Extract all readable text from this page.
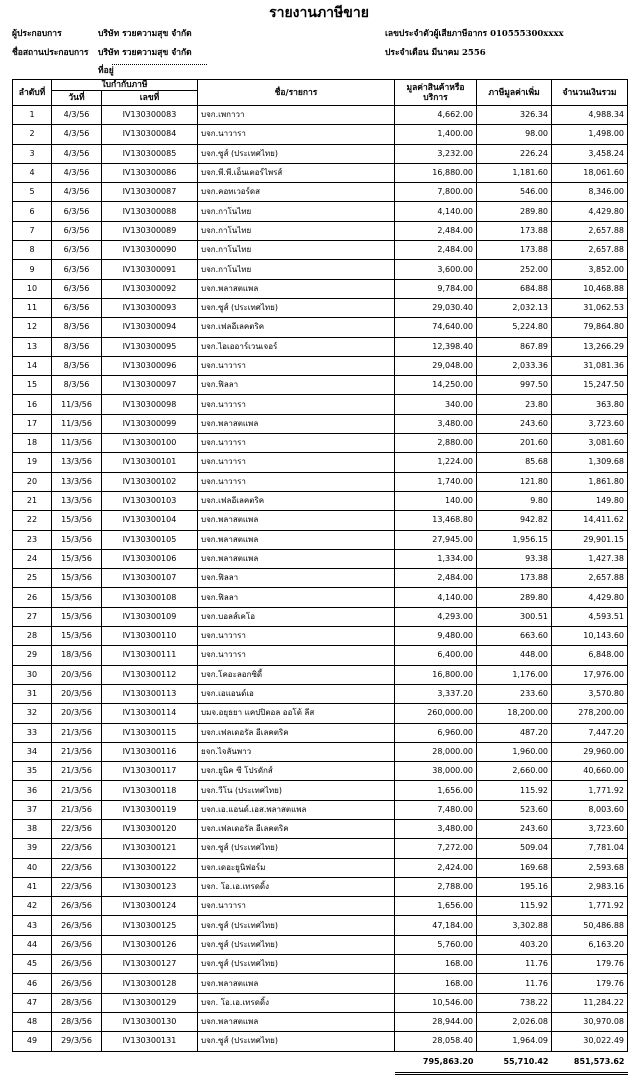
รายงานภาษีขาย
ผู้ประกอบการ	บริษัท รวยความสุข จำกัด
ชื่อสถานประกอบการ บริษัท รวยความสุข จำกัด
ที่อยู่
เลขประจำตัวผู้เสียภาษีอากร 010555300xxxx
ประจำเดือน มีนาคม 2556
ลำดับที่	ใบกำกับภาษี		ชื่อ/รายการ	มูลค่าสินค้าหรือ
บริการ	ภาษีมูลค่าเพิ่ม	จำนวนเงินรวม
	วันที่	เลขที่				
1	4/3/56	IV130300083	บจก.เพกาวา	4,662.00	326.34	4,988.34
2	4/3/56	IV130300084	บจก.นาวารา	1,400.00	98.00	1,498.00
3	4/3/56	IV130300085	บจก.ซูส์ (ประเทศไทย)	3,232.00	226.24	3,458.24
4	4/3/56	IV130300086	บจก.พี.พี.เอ็นเตอร์ไพรส์	16,880.00	1,181.60	18,061.60
5	4/3/56	IV130300087	บจก.คอทเวอร์ดส	7,800.00	546.00	8,346.00
6	6/3/56	IV130300088	บจก.กาโนไทย	4,140.00	289.80	4,429.80
7	6/3/56	IV130300089	บจก.กาโนไทย	2,484.00	173.88	2,657.88
8	6/3/56	IV130300090	บจก.กาโนไทย	2,484.00	173.88	2,657.88
9	6/3/56	IV130300091	บจก.กาโนไทย	3,600.00	252.00	3,852.00
10	6/3/56	IV130300092	บจก.พลาสตแพล	9,784.00	684.88	10,468.88
11	6/3/56	IV130300093	บจก.ซูส์ (ประเทศไทย)	29,030.40	2,032.13	31,062.53
12	8/3/56	IV130300094	บจก.เฟลอีเลคตริค	74,640.00	5,224.80	79,864.80
13	8/3/56	IV130300095	บจก.ไอเออาร์เวนเจอร์	12,398.40	867.89	13,266.29
14	8/3/56	IV130300096	บจก.นาวารา	29,048.00	2,033.36	31,081.36
15	8/3/56	IV130300097	บจก.ฟิลลา	14,250.00	997.50	15,247.50
16	11/3/56	IV130300098	บจก.นาวารา	340.00	23.80	363.80
17	11/3/56	IV130300099	บจก.พลาสตแพล	3,480.00	243.60	3,723.60
18	11/3/56	IV130300100	บจก.นาวารา	2,880.00	201.60	3,081.60
19	13/3/56	IV130300101	บจก.นาวารา	1,224.00	85.68	1,309.68
20	13/3/56	IV130300102	บจก.นาวารา	1,740.00	121.80	1,861.80
21	13/3/56	IV130300103	บจก.เฟลอีเลคตริค	140.00	9.80	149.80
22	15/3/56	IV130300104	บจก.พลาสตแพล	13,468.80	942.82	14,411.62
23	15/3/56	IV130300105	บจก.พลาสตแพล	27,945.00	1,956.15	29,901.15
24	15/3/56	IV130300106	บจก.พลาสตแพล	1,334.00	93.38	1,427.38
25	15/3/56	IV130300107	บจก.ฟิลลา	2,484.00	173.88	2,657.88
26	15/3/56	IV130300108	บจก.ฟิลลา	4,140.00	289.80	4,429.80
27	15/3/56	IV130300109	บจก.บอลส์เคโอ	4,293.00	300.51	4,593.51
28	15/3/56	IV130300110	บจก.นาวารา	9,480.00	663.60	10,143.60
29	18/3/56	IV130300111	บจก.นาวารา	6,400.00	448.00	6,848.00
30	20/3/56	IV130300112	บจก.โคอะลอกซิดี้	16,800.00	1,176.00	17,976.00
31	20/3/56	IV130300113	บจก.เอแอนด์เอ	3,337.20	233.60	3,570.80
32	20/3/56	IV130300114	บมจ.อยุธยา แคปปิตอล ออโต้ ลีส	260,000.00	18,200.00	278,200.00
33	21/3/56	IV130300115	บจก.เฟลเดอรัล อีเลคตริค	6,960.00	487.20	7,447.20
34	21/3/56	IV130300116	ยจก.ไจลันพาว	28,000.00	1,960.00	29,960.00
35	21/3/56	IV130300117	บจก.ยูนิค ซี โปรดักส์	38,000.00	2,660.00	40,660.00
36	21/3/56	IV130300118	บจก.วีโน (ประเทศไทย)	1,656.00	115.92	1,771.92
37	21/3/56	IV130300119	บจก.เอ.แอนด์.เอส.พลาสตแพล	7,480.00	523.60	8,003.60
38	22/3/56	IV130300120	บจก.เฟลเดอรัล อีเลคตริค	3,480.00	243.60	3,723.60
39	22/3/56	IV130300121	บจก.ซูส์ (ประเทศไทย)	7,272.00	509.04	7,781.04
40	22/3/56	IV130300122	บจก.เดอะยูนิฟอร์ม	2,424.00	169.68	2,593.68
41	22/3/56	IV130300123	บจก. โอ.เอ.เทรดดิ้ง	2,788.00	195.16	2,983.16
42	26/3/56	IV130300124	บจก.นาวารา	1,656.00	115.92	1,771.92
43	26/3/56	IV130300125	บจก.ซูส์ (ประเทศไทย)	47,184.00	3,302.88	50,486.88
44	26/3/56	IV130300126	บจก.ซูส์ (ประเทศไทย)	5,760.00	403.20	6,163.20
45	26/3/56	IV130300127	บจก.ซูส์ (ประเทศไทย)	168.00	11.76	179.76
46	26/3/56	IV130300128	บจก.พลาสตแพล	168.00	11.76	179.76
47	28/3/56	IV130300129	บจก. โอ.เอ.เทรดดิ้ง	10,546.00	738.22	11,284.22
48	28/3/56	IV130300130	บจก.พลาสตแพล	28,944.00	2,026.08	30,970.08
49	29/3/56	IV130300131	บจก.ซูส์ (ประเทศไทย)	28,058.40	1,964.09	30,022.49
				795,863.20	55,710.42	851,573.62
